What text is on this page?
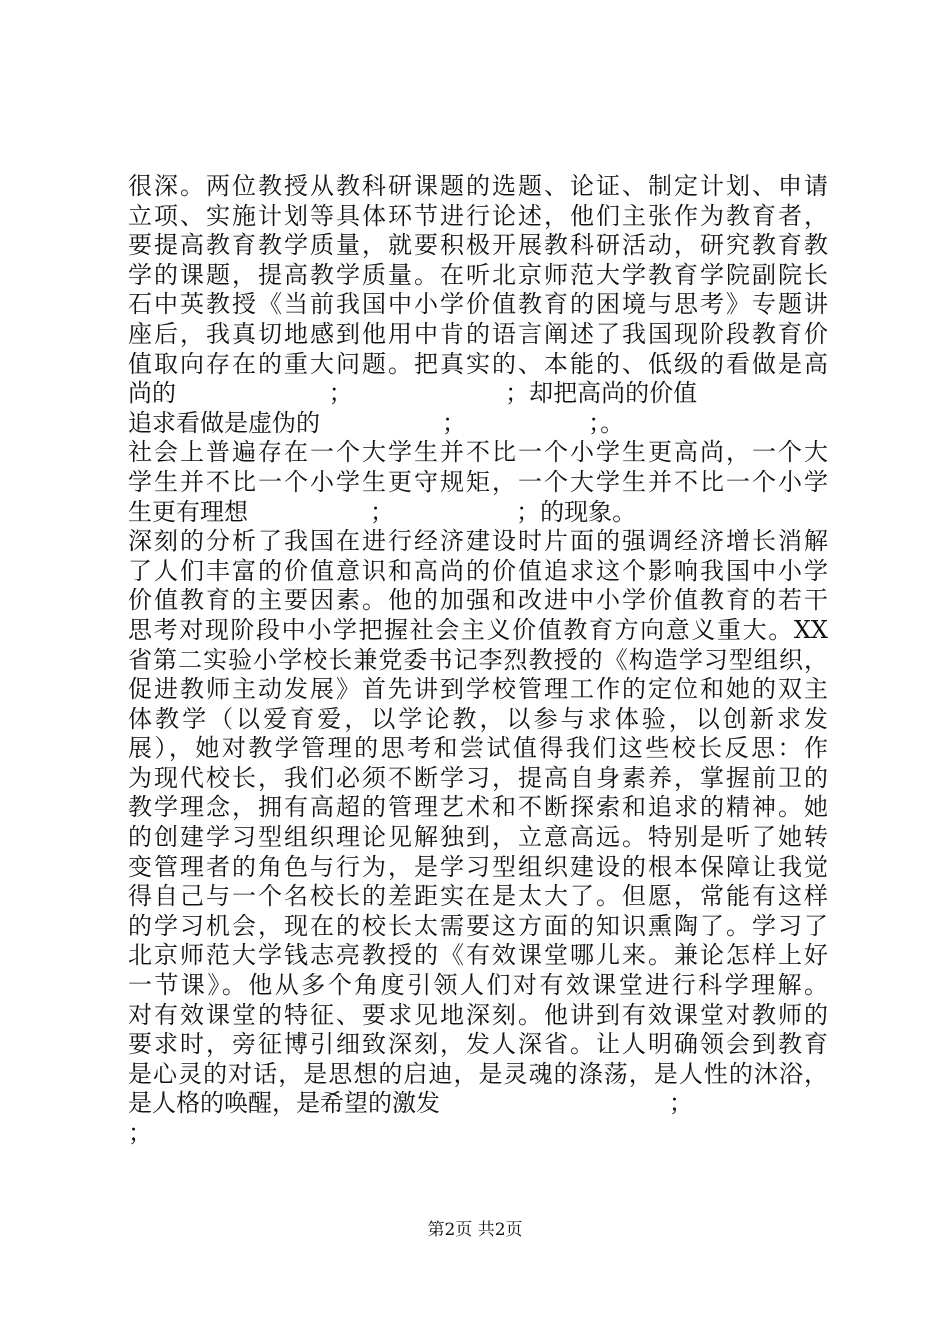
很深。两位教授从教科研课题的选题、论证、制定计划、申请
立项、实施计划等具体环节进行论述，他们主张作为教育者，
要提高教育教学质量，就要积极开展教科研活动，研究教育教
学的课题，提高教学质量。在听北京师范大学教育学院副院长
石中英教授《当前我国中小学价值教育的困境与思考》专题讲
座后，我真切地感到他用中肯的语言阐述了我国现阶段教育价
值取向存在的重大问题。把真实的、本能的、低级的看做是高
尚的                    ；                    ；却把高尚的价值
追求看做是虚伪的                ；                ；。
社会上普遍存在一个大学生并不比一个小学生更高尚，一个大
学生并不比一个小学生更守规矩，一个大学生并不比一个小学
生更有理想                ；                ；的现象。
深刻的分析了我国在进行经济建设时片面的强调经济增长消解
了人们丰富的价值意识和高尚的价值追求这个影响我国中小学
价值教育的主要因素。他的加强和改进中小学价值教育的若干
思考对现阶段中小学把握社会主义价值教育方向意义重大。XX
省第二实验小学校长兼党委书记李烈教授的《构造学习型组织，
促进教师主动发展》首先讲到学校管理工作的定位和她的双主
体教学（以爱育爱，以学论教，以参与求体验，以创新求发
展），她对教学管理的思考和尝试值得我们这些校长反思：作
为现代校长，我们必须不断学习，提高自身素养，掌握前卫的
教学理念，拥有高超的管理艺术和不断探索和追求的精神。她
的创建学习型组织理论见解独到，立意高远。特别是听了她转
变管理者的角色与行为，是学习型组织建设的根本保障让我觉
得自己与一个名校长的差距实在是太大了。但愿，常能有这样
的学习机会，现在的校长太需要这方面的知识熏陶了。学习了
北京师范大学钱志亮教授的《有效课堂哪儿来。兼论怎样上好
一节课》。他从多个角度引领人们对有效课堂进行科学理解。
对有效课堂的特征、要求见地深刻。他讲到有效课堂对教师的
要求时，旁征博引细致深刻，发人深省。让人明确领会到教育
是心灵的对话，是思想的启迪，是灵魂的涤荡，是人性的沐浴，
是人格的唤醒，是希望的激发                              ；
；
第2页 共2页
